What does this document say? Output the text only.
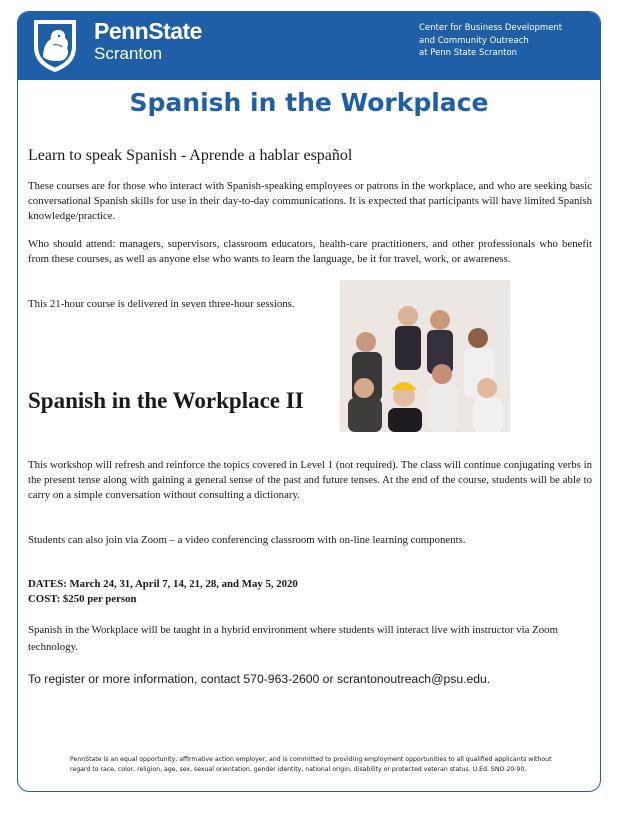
PennState
Scranton
Center for Business Development
and Community Outreach
at Penn State Scranton
Spanish in the Workplace
Learn to speak Spanish - Aprende a hablar español

These courses are for those who interact with Spanish-speaking employees or patrons in the workplace, and who are seeking basic conversational Spanish skills for use in their day-to-day communications. It is expected that participants will have limited Spanish knowledge/practice.

Who should attend: managers, supervisors, classroom educators, health-care practitioners, and other professionals who benefit from these courses, as well as anyone else who wants to learn the language, be it for travel, work, or awareness.

This 21-hour course is delivered in seven three-hour sessions.

Spanish in the Workplace II

This workshop will refresh and reinforce the topics covered in Level 1 (not required). The class will continue conjugating verbs in the present tense along with gaining a general sense of the past and future tenses. At the end of the course, students will be able to carry on a simple conversation without consulting a dictionary.

Students can also join via Zoom – a video conferencing classroom with on-line learning components.

DATES: March 24, 31, April 7, 14, 21, 28, and May 5, 2020

COST: $250 per person

Spanish in the Workplace will be taught in a hybrid environment where students will interact live with instructor via Zoom technology.

To register or more information, contact 570-963-2600 or scrantonoutreach@psu.edu.

PennState is an equal opportunity, affirmative action employer, and is committed to providing employment opportunities to all qualified applicants without regard to race, color, religion, age, sex, sexual orientation, gender identity, national origin, disability or protected veteran status. U.Ed. SNO 20-90.
